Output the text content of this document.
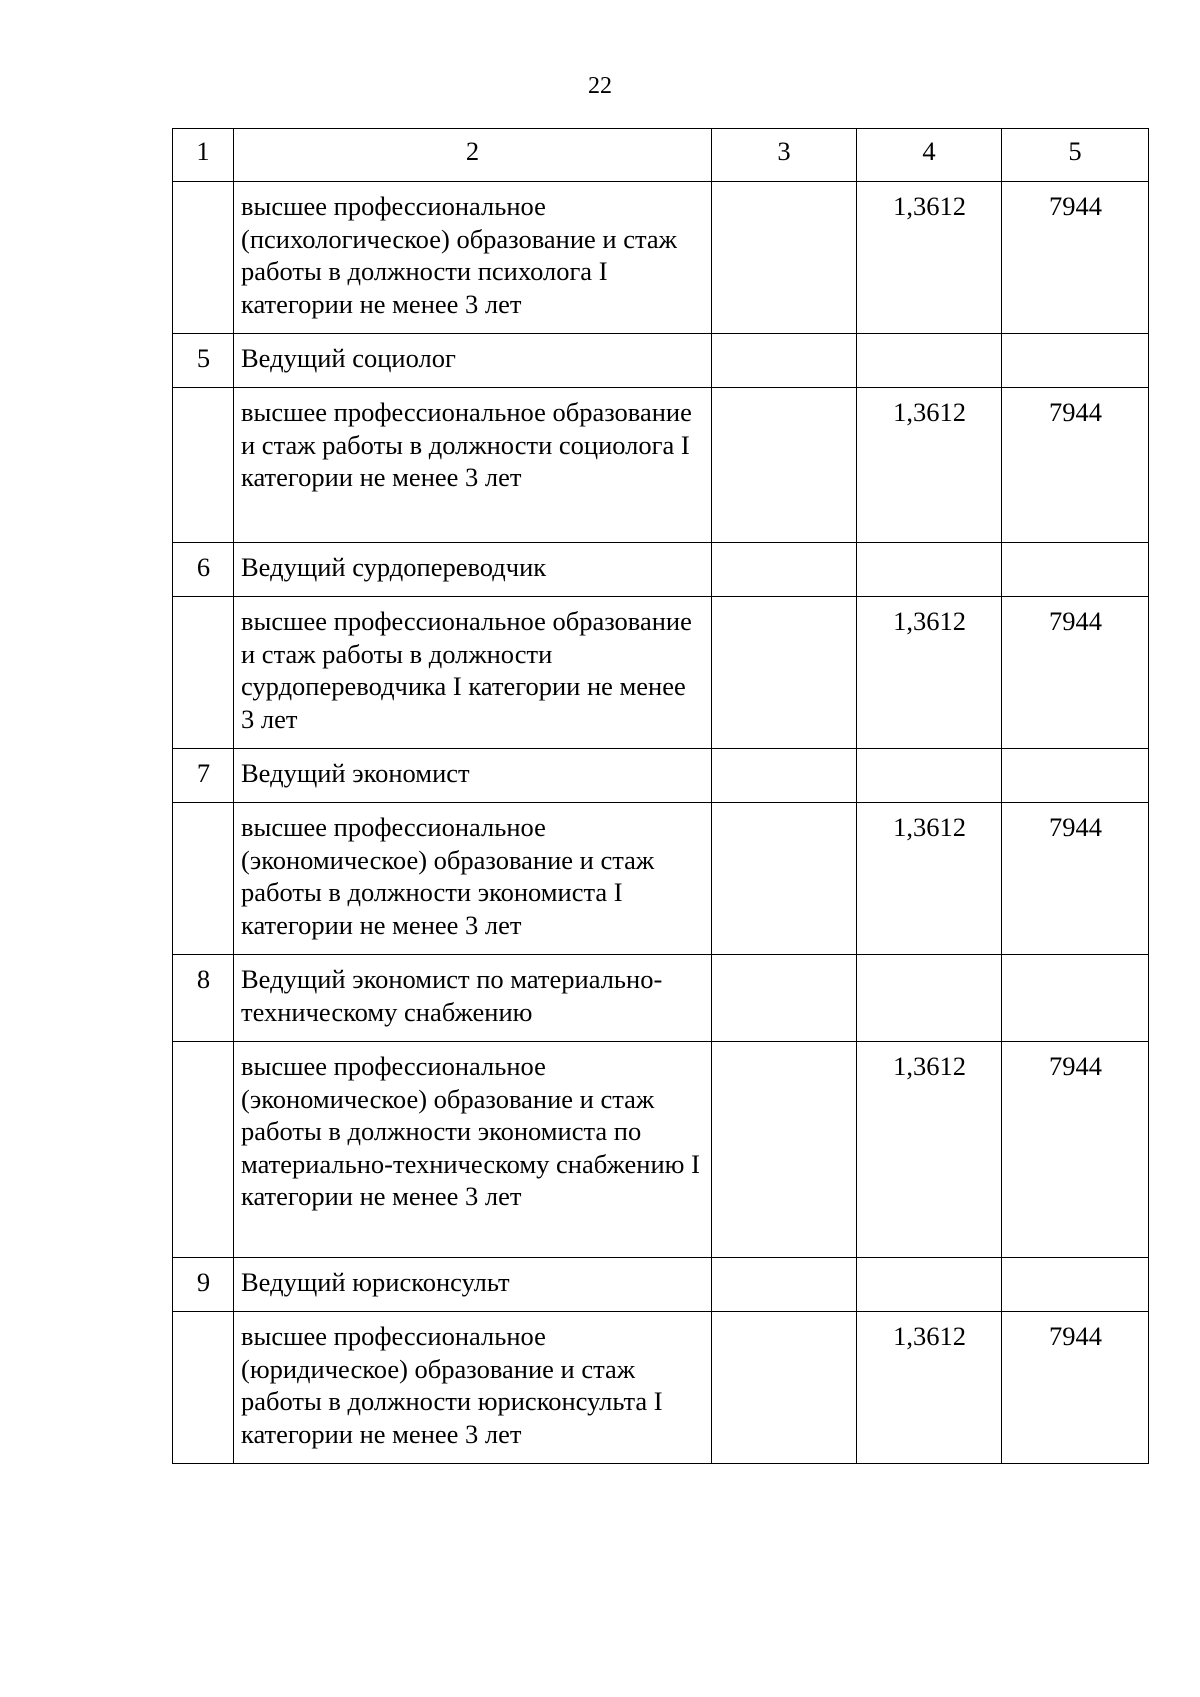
22
1	2	3	4	5
	высшее профессиональное (психологическое) образование и стаж работы в должности психолога I категории не менее 3 лет		1,3612	7944
5	Ведущий социолог			
	высшее профессиональное образование и стаж работы в должности социолога I категории не менее 3 лет		1,3612	7944
6	Ведущий сурдопереводчик			
	высшее профессиональное образование и стаж работы в должности сурдопереводчика I категории не менее 3 лет		1,3612	7944
7	Ведущий экономист			
	высшее профессиональное (экономическое) образование и стаж работы в должности экономиста I категории не менее 3 лет		1,3612	7944
8	Ведущий экономист по материально-техническому снабжению			
	высшее профессиональное (экономическое) образование и стаж работы в должности экономиста по материально-техническому снабжению I категории не менее 3 лет		1,3612	7944
9	Ведущий юрисконсульт			
	высшее профессиональное (юридическое) образование и стаж работы в должности юрисконсульта I категории не менее 3 лет		1,3612	7944
